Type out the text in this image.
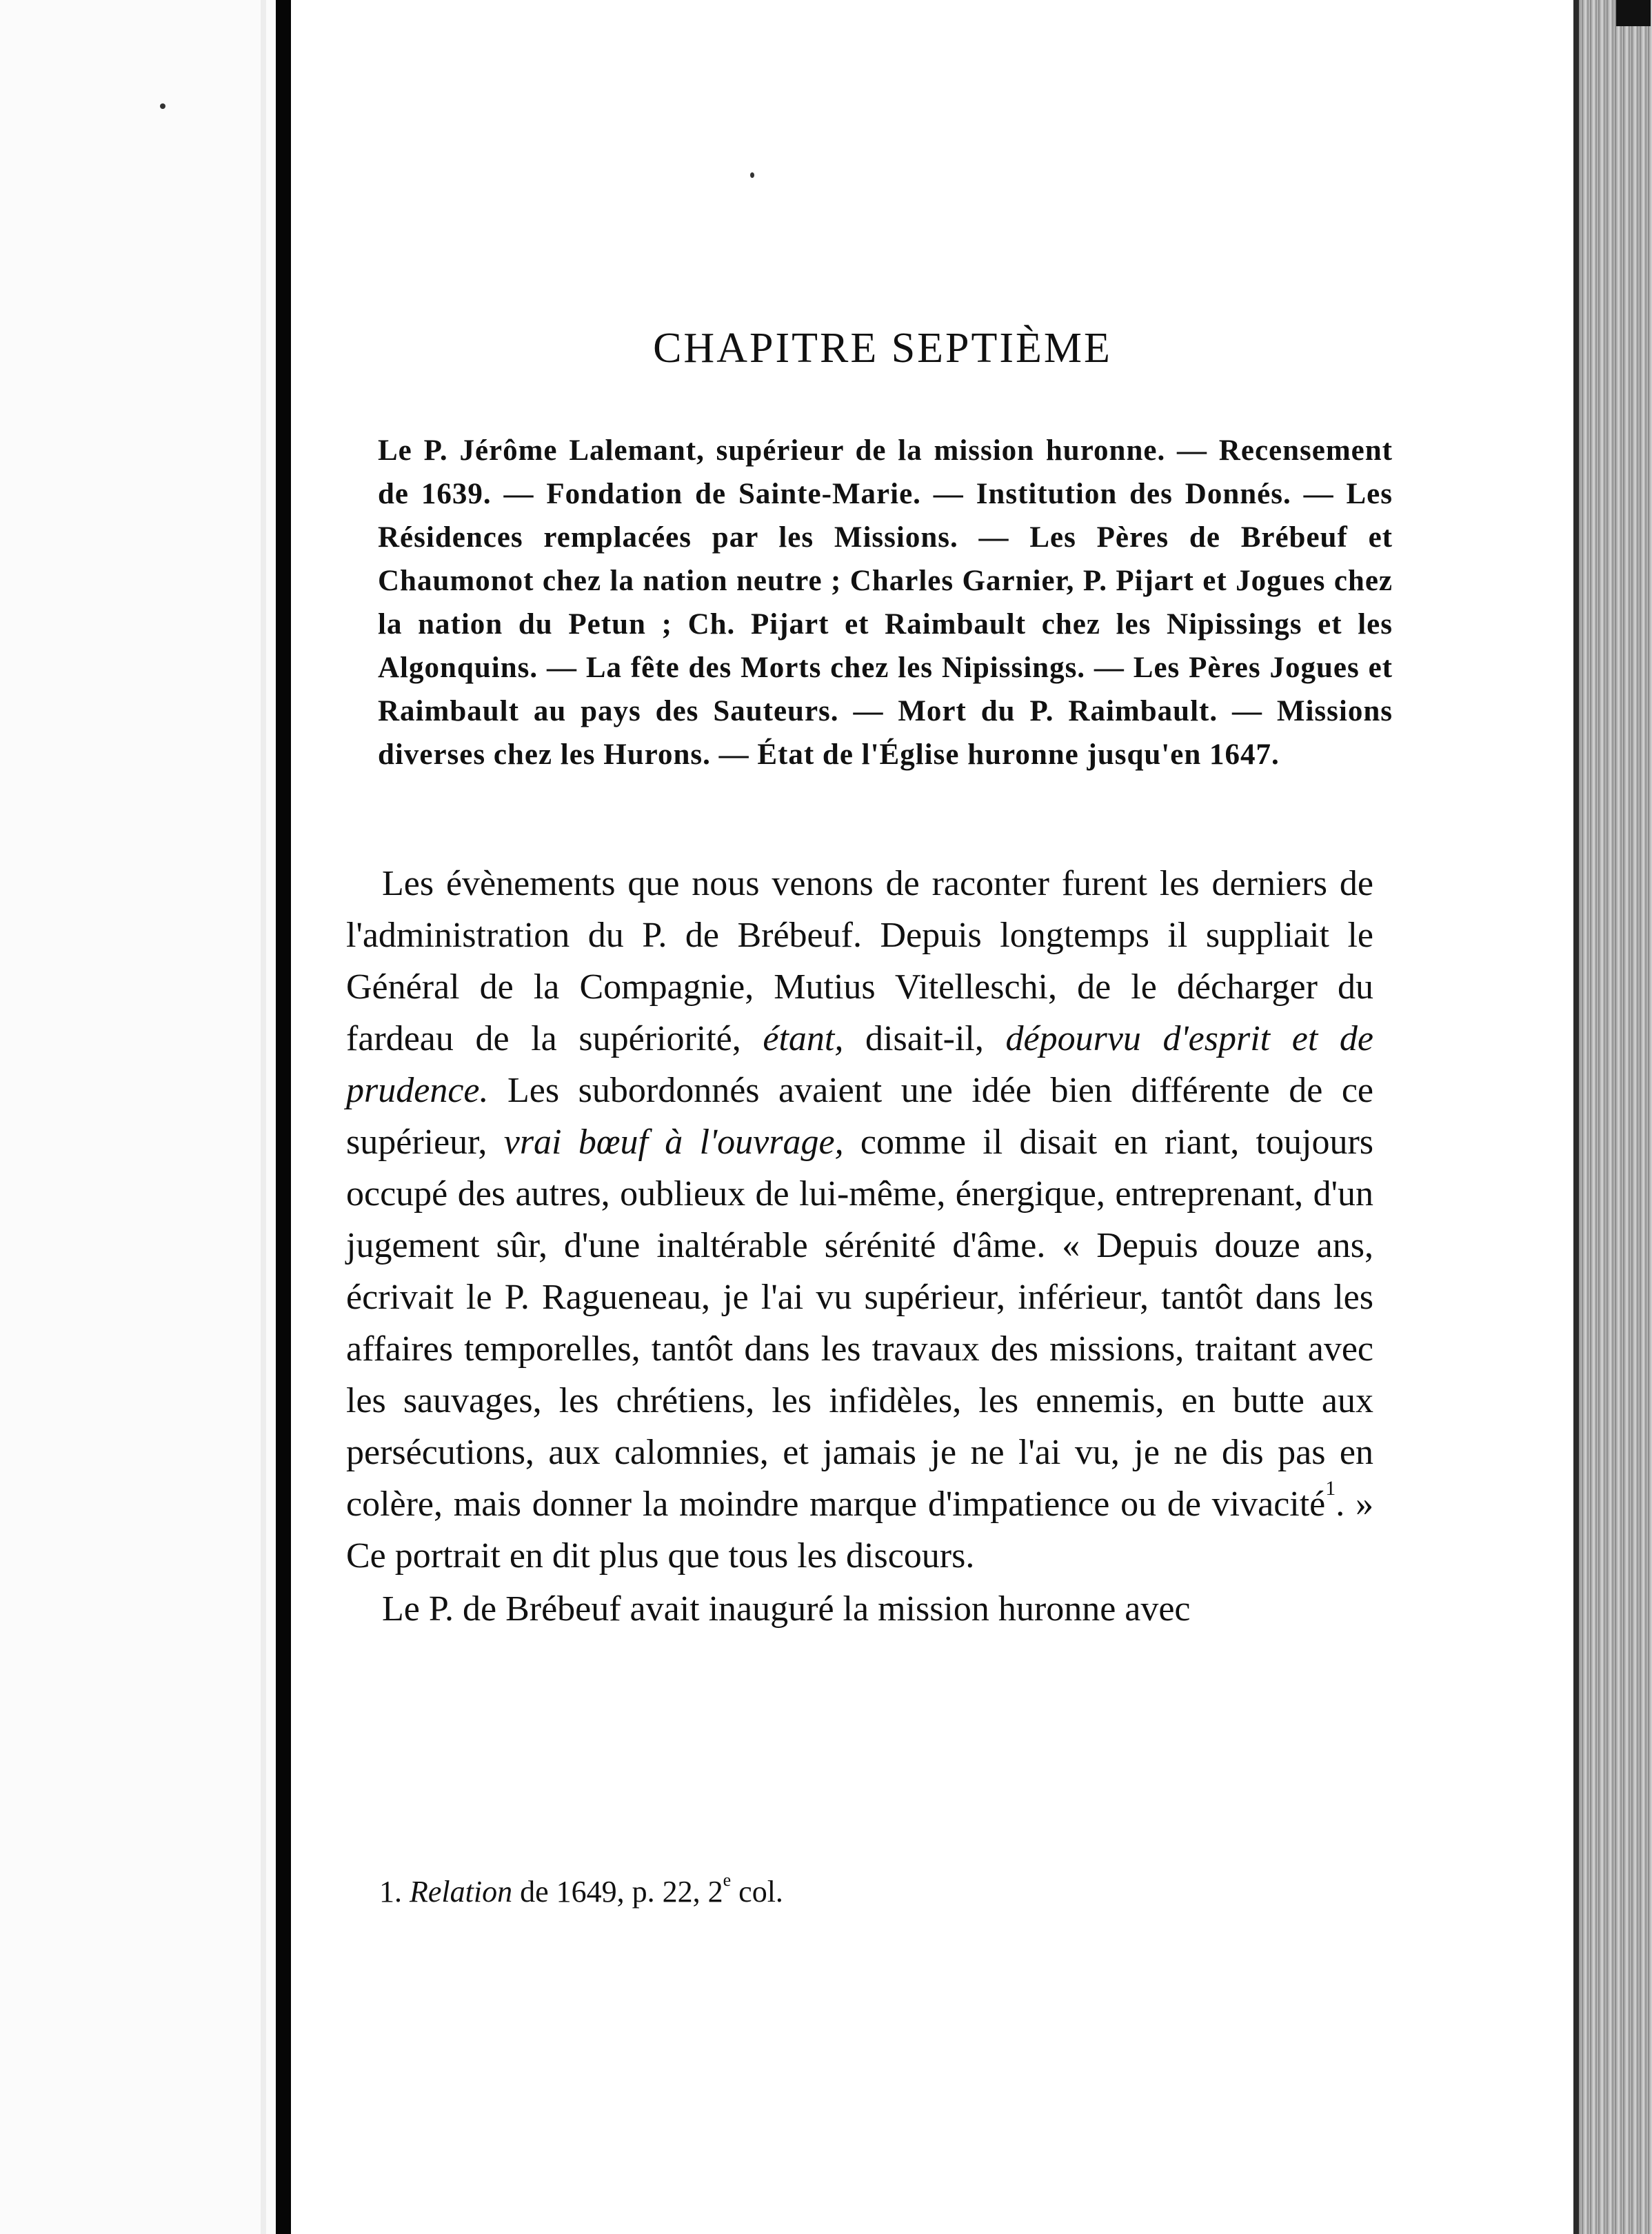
CHAPITRE SEPTIÈME

Le P. Jérôme Lalemant, supérieur de la mission huronne. — Recensement de 1639. — Fondation de Sainte-Marie. — Institution des Donnés. — Les Résidences remplacées par les Missions. — Les Pères de Brébeuf et Chaumonot chez la nation neutre ; Charles Garnier, P. Pijart et Jogues chez la nation du Petun ; Ch. Pijart et Raimbault chez les Nipissings et les Algonquins. — La fête des Morts chez les Nipissings. — Les Pères Jogues et Raimbault au pays des Sauteurs. — Mort du P. Raimbault. — Missions diverses chez les Hurons. — État de l'Église huronne jusqu'en 1647.

Les évènements que nous venons de raconter furent les derniers de l'administration du P. de Brébeuf. Depuis longtemps il suppliait le Général de la Compagnie, Mutius Vitelleschi, de le décharger du fardeau de la supériorité, étant, disait-il, dépourvu d'esprit et de prudence. Les subordonnés avaient une idée bien différente de ce supérieur, vrai bœuf à l'ouvrage, comme il disait en riant, toujours occupé des autres, oublieux de lui-même, énergique, entreprenant, d'un jugement sûr, d'une inaltérable sérénité d'âme. « Depuis douze ans, écrivait le P. Ragueneau, je l'ai vu supérieur, inférieur, tantôt dans les affaires temporelles, tantôt dans les travaux des missions, traitant avec les sauvages, les chrétiens, les infidèles, les ennemis, en butte aux persécutions, aux calomnies, et jamais je ne l'ai vu, je ne dis pas en colère, mais donner la moindre marque d'impatience ou de vivacité$^1$. » Ce portrait en dit plus que tous les discours.

Le P. de Brébeuf avait inauguré la mission huronne avec

1. Relation de 1649, p. 22, 2e col.
